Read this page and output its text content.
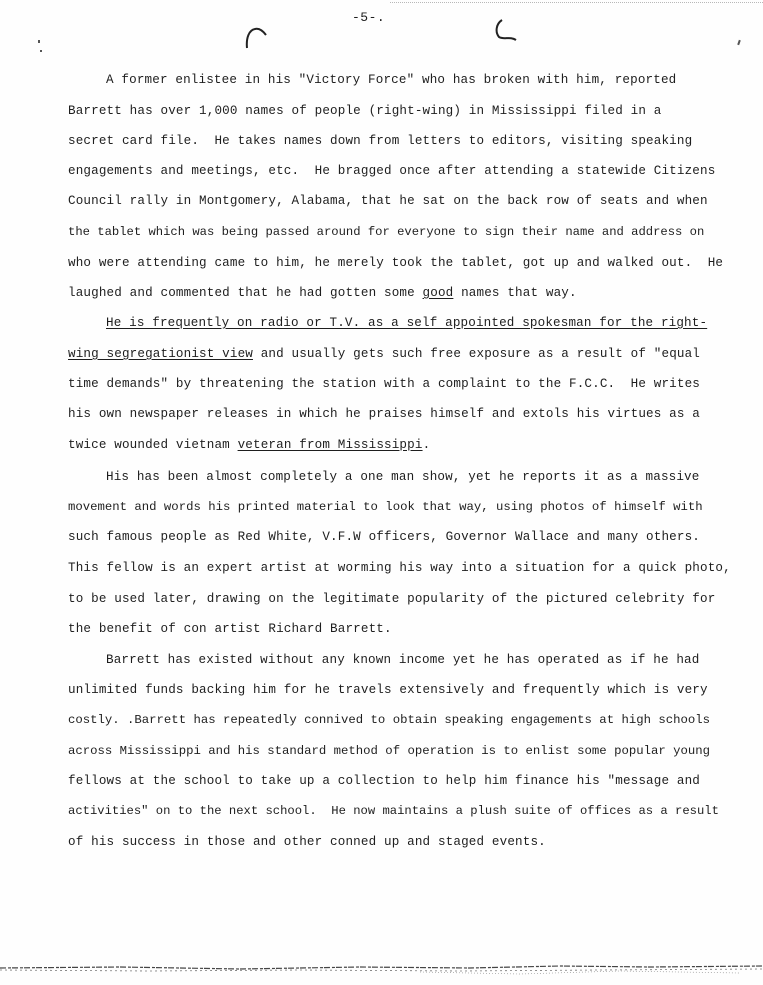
-5-.
A former enlistee in his "Victory Force" who has broken with him, reported
Barrett has over 1,000 names of people (right-wing) in Mississippi filed in a
secret card file.  He takes names down from letters to editors, visiting speaking
engagements and meetings, etc.  He bragged once after attending a statewide Citizens
Council rally in Montgomery, Alabama, that he sat on the back row of seats and when
the tablet which was being passed around for everyone to sign their name and address on
who were attending came to him, he merely took the tablet, got up and walked out.  He
laughed and commented that he had gotten some good names that way.
He is frequently on radio or T.V. as a self appointed spokesman for the right-
wing segregationist view and usually gets such free exposure as a result of "equal
time demands" by threatening the station with a complaint to the F.C.C.  He writes
his own newspaper releases in which he praises himself and extols his virtues as a
twice wounded vietnam veteran from Mississippi.
His has been almost completely a one man show, yet he reports it as a massive
movement and words his printed material to look that way, using photos of himself with
such famous people as Red White, V.F.W officers, Governor Wallace and many others.
This fellow is an expert artist at worming his way into a situation for a quick photo,
to be used later, drawing on the legitimate popularity of the pictured celebrity for
the benefit of con artist Richard Barrett.
Barrett has existed without any known income yet he has operated as if he had
unlimited funds backing him for he travels extensively and frequently which is very
costly. .Barrett has repeatedly connived to obtain speaking engagements at high schools
across Mississippi and his standard method of operation is to enlist some popular young
fellows at the school to take up a collection to help him finance his "message and
activities" on to the next school.  He now maintains a plush suite of offices as a result
of his success in those and other conned up and staged events.
